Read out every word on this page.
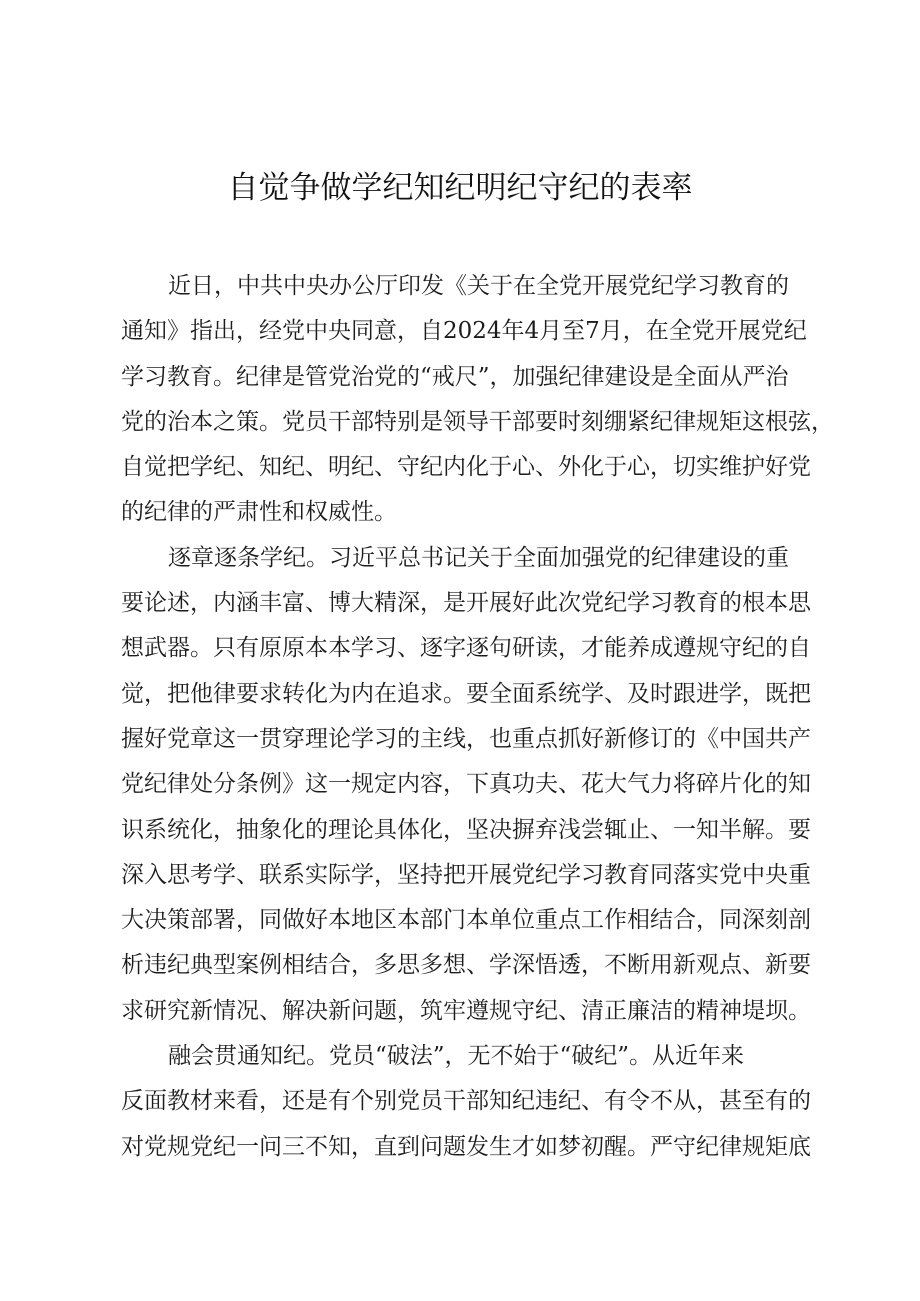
自觉争做学纪知纪明纪守纪的表率
近日，中共中央办公厅印发《关于在全党开展党纪学习教育的
通知》指出，经党中央同意，自2024年4月至7月，在全党开展党纪
学习教育。纪律是管党治党的“戒尺”，加强纪律建设是全面从严治
党的治本之策。党员干部特别是领导干部要时刻绷紧纪律规矩这根弦，
自觉把学纪、知纪、明纪、守纪内化于心、外化于心，切实维护好党
的纪律的严肃性和权威性。
逐章逐条学纪。习近平总书记关于全面加强党的纪律建设的重
要论述，内涵丰富、博大精深，是开展好此次党纪学习教育的根本思
想武器。只有原原本本学习、逐字逐句研读，才能养成遵规守纪的自
觉，把他律要求转化为内在追求。要全面系统学、及时跟进学，既把
握好党章这一贯穿理论学习的主线，也重点抓好新修订的《中国共产
党纪律处分条例》这一规定内容，下真功夫、花大气力将碎片化的知
识系统化，抽象化的理论具体化，坚决摒弃浅尝辄止、一知半解。要
深入思考学、联系实际学，坚持把开展党纪学习教育同落实党中央重
大决策部署，同做好本地区本部门本单位重点工作相结合，同深刻剖
析违纪典型案例相结合，多思多想、学深悟透，不断用新观点、新要
求研究新情况、解决新问题，筑牢遵规守纪、清正廉洁的精神堤坝。
融会贯通知纪。党员“破法”，无不始于“破纪”。从近年来
反面教材来看，还是有个别党员干部知纪违纪、有令不从，甚至有的
对党规党纪一问三不知，直到问题发生才如梦初醒。严守纪律规矩底
